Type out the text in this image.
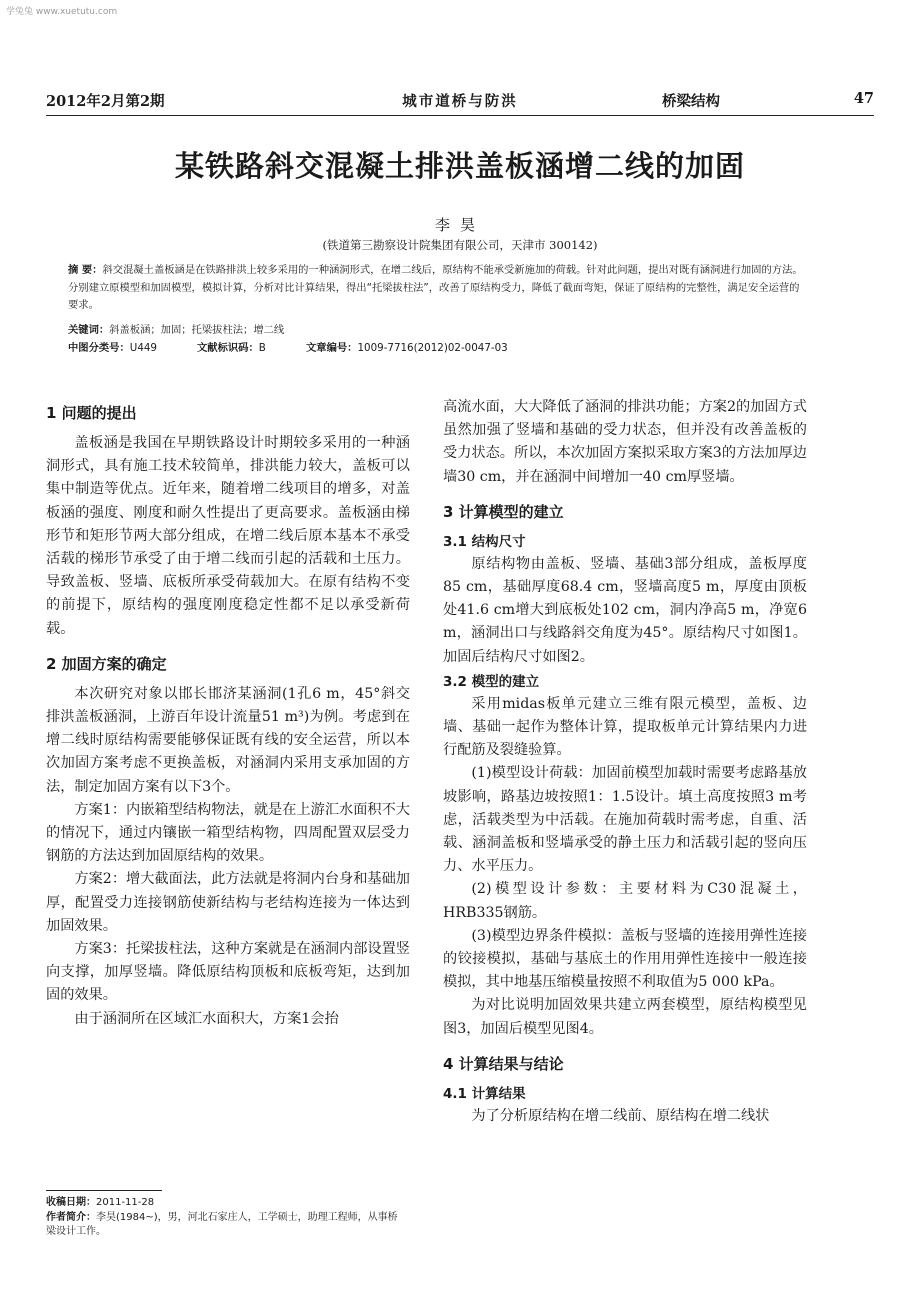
学兔兔 www.xuetutu.com
2012年2月第2期	城市道桥与防洪	桥梁结构	47
某铁路斜交混凝土排洪盖板涵增二线的加固
李昊
(铁道第三勘察设计院集团有限公司，天津市 300142)
摘 要：斜交混凝土盖板涵是在铁路排洪上较多采用的一种涵洞形式，在增二线后，原结构不能承受新施加的荷载。针对此问题，提出对既有涵洞进行加固的方法。分别建立原模型和加固模型，模拟计算，分析对比计算结果，得出“托梁拔柱法”，改善了原结构受力，降低了截面弯矩，保证了原结构的完整性，满足安全运营的要求。
关键词：斜盖板涵；加固；托梁拔柱法；增二线
中图分类号：U449	文献标识码：B	文章编号：1009-7716(2012)02-0047-03
1 问题的提出

盖板涵是我国在早期铁路设计时期较多采用的一种涵洞形式，具有施工技术较简单，排洪能力较大，盖板可以集中制造等优点。近年来，随着增二线项目的增多，对盖板涵的强度、刚度和耐久性提出了更高要求。盖板涵由梯形节和矩形节两大部分组成，在增二线后原本基本不承受活载的梯形节承受了由于增二线而引起的活载和土压力。导致盖板、竖墙、底板所承受荷载加大。在原有结构不变的前提下，原结构的强度刚度稳定性都不足以承受新荷载。

2 加固方案的确定

本次研究对象以邯长邯济某涵洞(1孔6 m，45°斜交排洪盖板涵洞，上游百年设计流量51 m³)为例。考虑到在增二线时原结构需要能够保证既有线的安全运营，所以本次加固方案考虑不更换盖板，对涵洞内采用支承加固的方法，制定加固方案有以下3个。

方案1：内嵌箱型结构物法，就是在上游汇水面积不大的情况下，通过内镶嵌一箱型结构物，四周配置双层受力钢筋的方法达到加固原结构的效果。

方案2：增大截面法，此方法就是将洞内台身和基础加厚，配置受力连接钢筋使新结构与老结构连接为一体达到加固效果。

方案3：托梁拔柱法，这种方案就是在涵洞内部设置竖向支撑，加厚竖墙。降低原结构顶板和底板弯矩，达到加固的效果。

由于涵洞所在区域汇水面积大，方案1会抬

高流水面，大大降低了涵洞的排洪功能；方案2的加固方式虽然加强了竖墙和基础的受力状态，但并没有改善盖板的受力状态。所以，本次加固方案拟采取方案3的方法加厚边墙30 cm，并在涵洞中间增加一40 cm厚竖墙。

3 计算模型的建立
3.1 结构尺寸

原结构物由盖板、竖墙、基础3部分组成，盖板厚度85 cm，基础厚度68.4 cm，竖墙高度5 m，厚度由顶板处41.6 cm增大到底板处102 cm，洞内净高5 m，净宽6 m，涵洞出口与线路斜交角度为45°。原结构尺寸如图1。加固后结构尺寸如图2。

3.2 模型的建立

采用midas板单元建立三维有限元模型，盖板、边墙、基础一起作为整体计算，提取板单元计算结果内力进行配筋及裂缝验算。

(1)模型设计荷载：加固前模型加载时需要考虑路基放坡影响，路基边坡按照1：1.5设计。填土高度按照3 m考虑，活载类型为中活载。在施加荷载时需考虑，自重、活载、涵洞盖板和竖墙承受的静土压力和活载引起的竖向压力、水平压力。

(2)模型设计参数：主要材料为C30混凝土，HRB335钢筋。

(3)模型边界条件模拟：盖板与竖墙的连接用弹性连接的铰接模拟，基础与基底土的作用用弹性连接中一般连接模拟，其中地基压缩模量按照不利取值为5 000 kPa。

为对比说明加固效果共建立两套模型，原结构模型见图3，加固后模型见图4。

4 计算结果与结论
4.1 计算结果

为了分析原结构在增二线前、原结构在增二线状

收稿日期：2011-11-28
作者简介：李昊(1984~)，男，河北石家庄人，工学硕士，助理工程师，从事桥梁设计工作。
